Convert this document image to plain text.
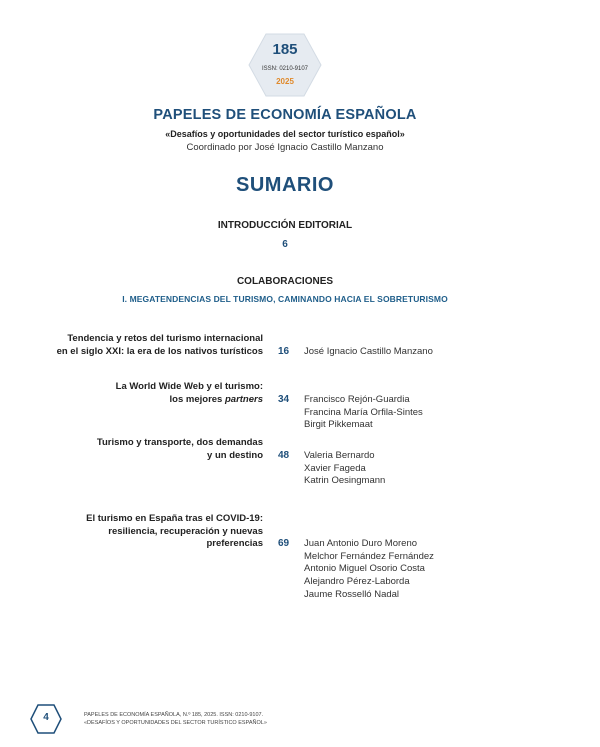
185
ISSN: 0210-9107
2025
PAPELES DE ECONOMÍA ESPAÑOLA
«Desafíos y oportunidades del sector turístico español»
Coordinado por José Ignacio Castillo Manzano
SUMARIO
INTRODUCCIÓN EDITORIAL
6
COLABORACIONES
I. MEGATENDENCIAS DEL TURISMO, CAMINANDO HACIA EL SOBRETURISMO
Tendencia y retos del turismo internacional
en el siglo XXI: la era de los nativos turísticos 16 José Ignacio Castillo Manzano
La World Wide Web y el turismo:
los mejores partners 34 Francisco Rejón-Guardia
Francina María Orfila-Sintes
Birgit Pikkemaat
Turismo y transporte, dos demandas
y un destino 48 Valeria Bernardo
Xavier Fageda
Katrin Oesingmann
El turismo en España tras el COVID-19:
resiliencia, recuperación y nuevas
preferencias 69 Juan Antonio Duro Moreno
Melchor Fernández Fernández
Antonio Miguel Osorio Costa
Alejandro Pérez-Laborda
Jaume Rosselló Nadal
4	PAPELES DE ECONOMÍA ESPAÑOLA, N.º 185, 2025. ISSN: 0210-9107.
«DESAFÍOS Y OPORTUNIDADES DEL SECTOR TURÍSTICO ESPAÑOL»
